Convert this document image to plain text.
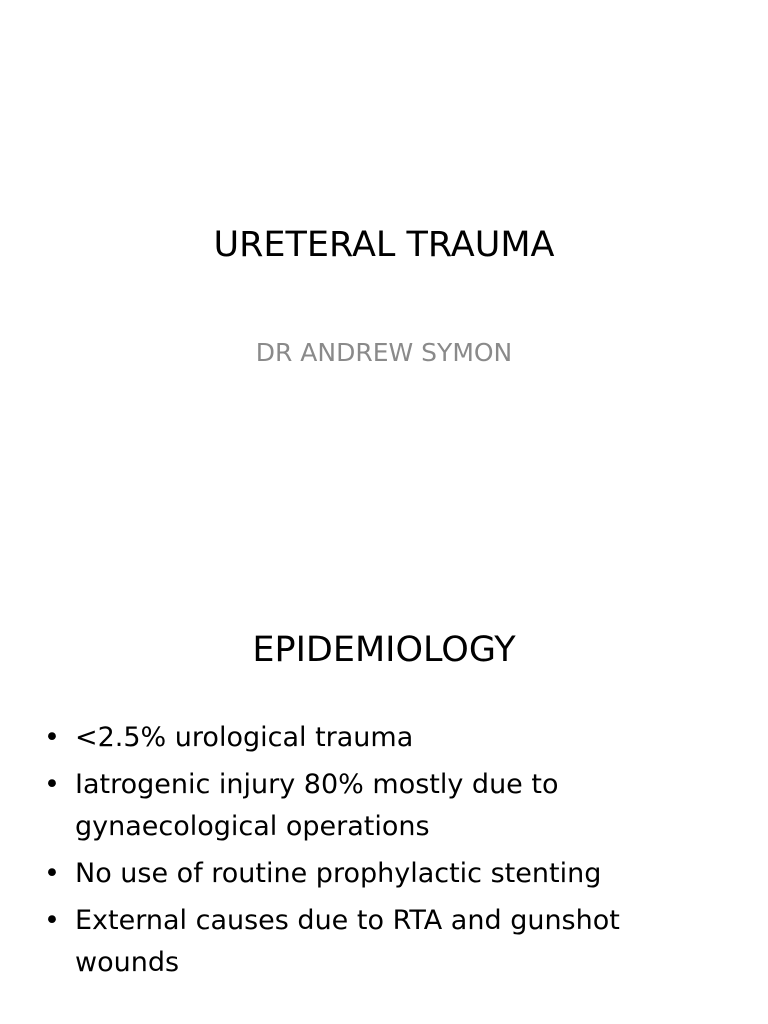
URETERAL TRAUMA
DR ANDREW SYMON
EPIDEMIOLOGY
• <2.5% urological trauma
• Iatrogenic injury 80% mostly due to gynaecological operations
• No use of routine prophylactic stenting
• External causes due to RTA and gunshot wounds
